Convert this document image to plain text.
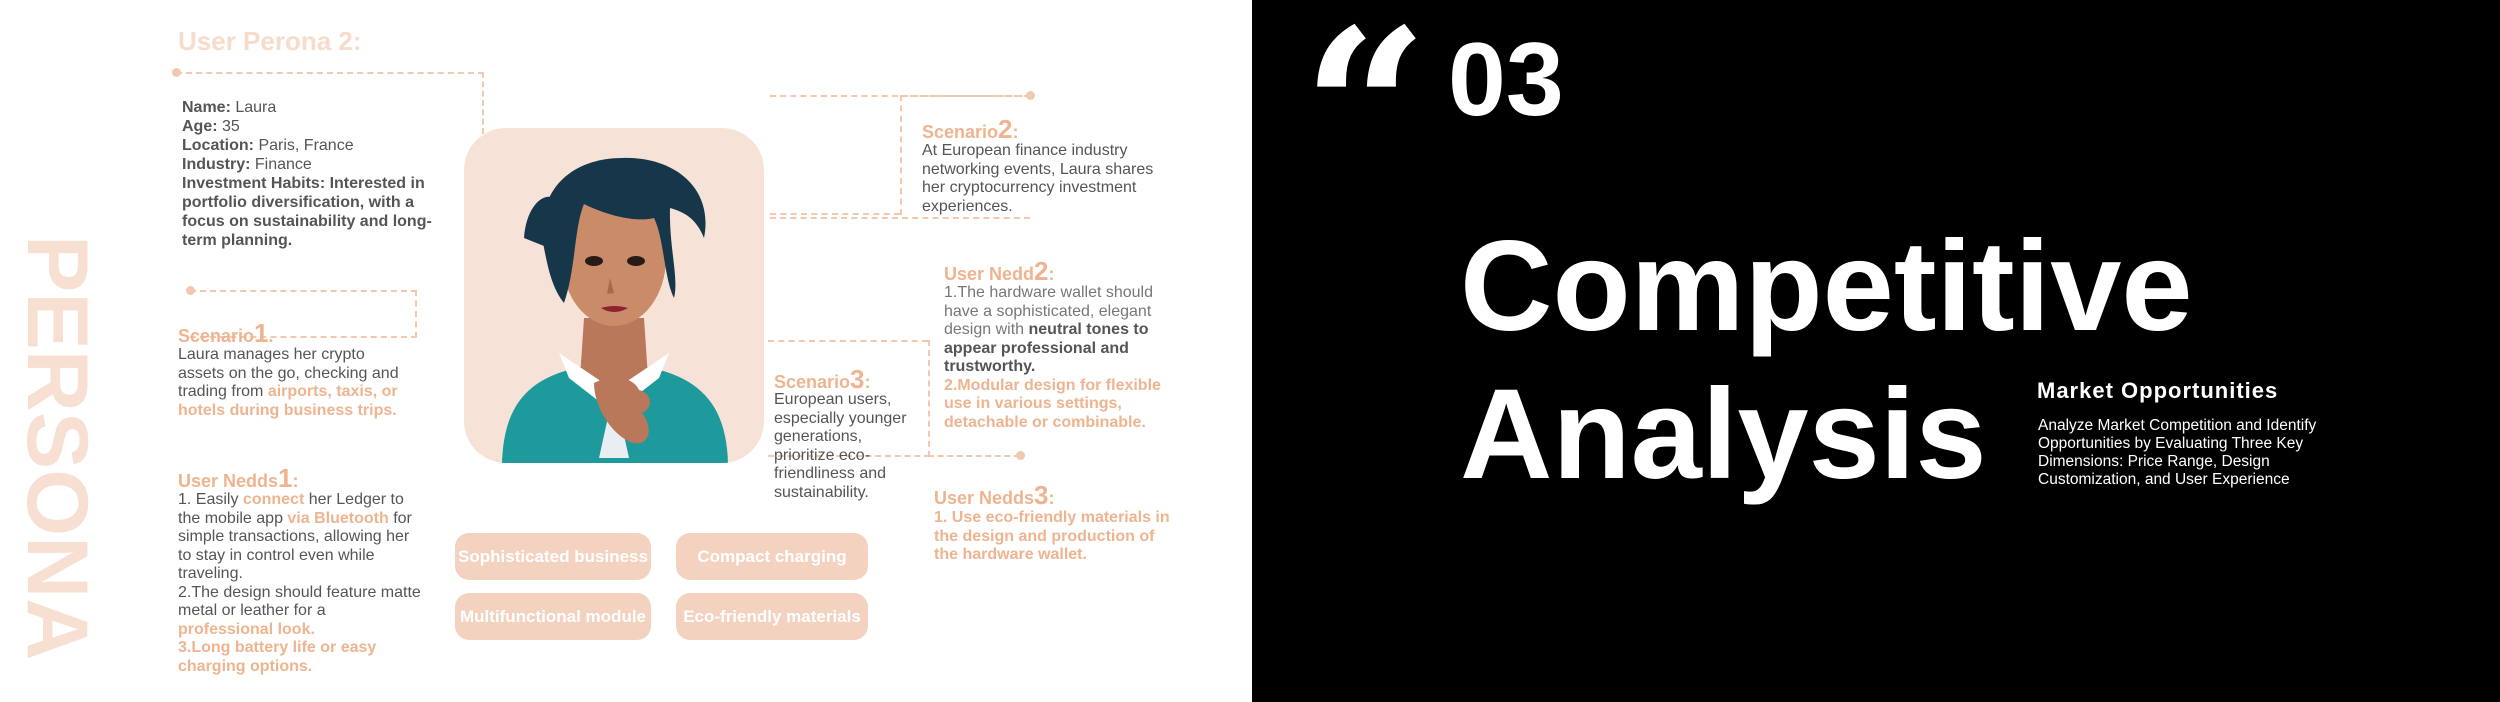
User Perona 2:
PERSONA
Name: Laura
Age: 35
Location: Paris, France
Industry: Finance
Investment Habits: Interested in portfolio diversification, with a focus on sustainability and long-term planning.
Scenario1.
Laura manages her crypto assets on the go, checking and trading from airports, taxis, or hotels during business trips.
User Nedds1:
1. Easily connect her Ledger to the mobile app via Bluetooth for simple transactions, allowing her to stay in control even while traveling.
2.The design should feature matte metal or leather for a professional look.
3.Long battery life or easy charging options.
Scenario2:
At European finance industry networking events, Laura shares her cryptocurrency investment experiences.
User Nedd2:
1.The hardware wallet should have a sophisticated, elegant design with neutral tones to appear professional and trustworthy.
2.Modular design for flexible use in various settings, detachable or combinable.
Scenario3:
European users, especially younger generations, prioritize eco-friendliness and sustainability.	User Nedds3:
1. Use eco-friendly materials in the design and production of the hardware wallet.
Sophisticated business	Compact charging
Multifunctional module	Eco-friendly materials
“ 03
Competitive
Analysis Market Opportunities
Analyze Market Competition and Identify Opportunities by Evaluating Three Key Dimensions: Price Range, Design Customization, and User Experience
